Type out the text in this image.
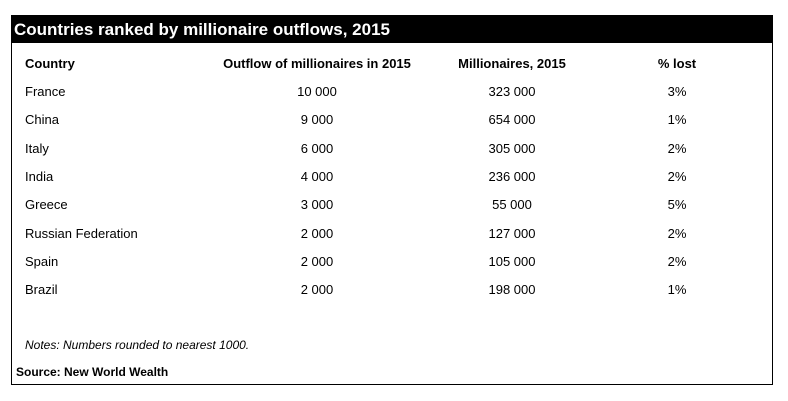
Countries ranked by millionaire outflows, 2015
Country	Outflow of millionaires in 2015	Millionaires, 2015	% lost
France	10 000	323 000	3%
China	9 000	654 000	1%
Italy	6 000	305 000	2%
India	4 000	236 000	2%
Greece	3 000	55 000	5%
Russian Federation	2 000	127 000	2%
Spain	2 000	105 000	2%
Brazil	2 000	198 000	1%
Notes: Numbers rounded to nearest 1000.
Source: New World Wealth
